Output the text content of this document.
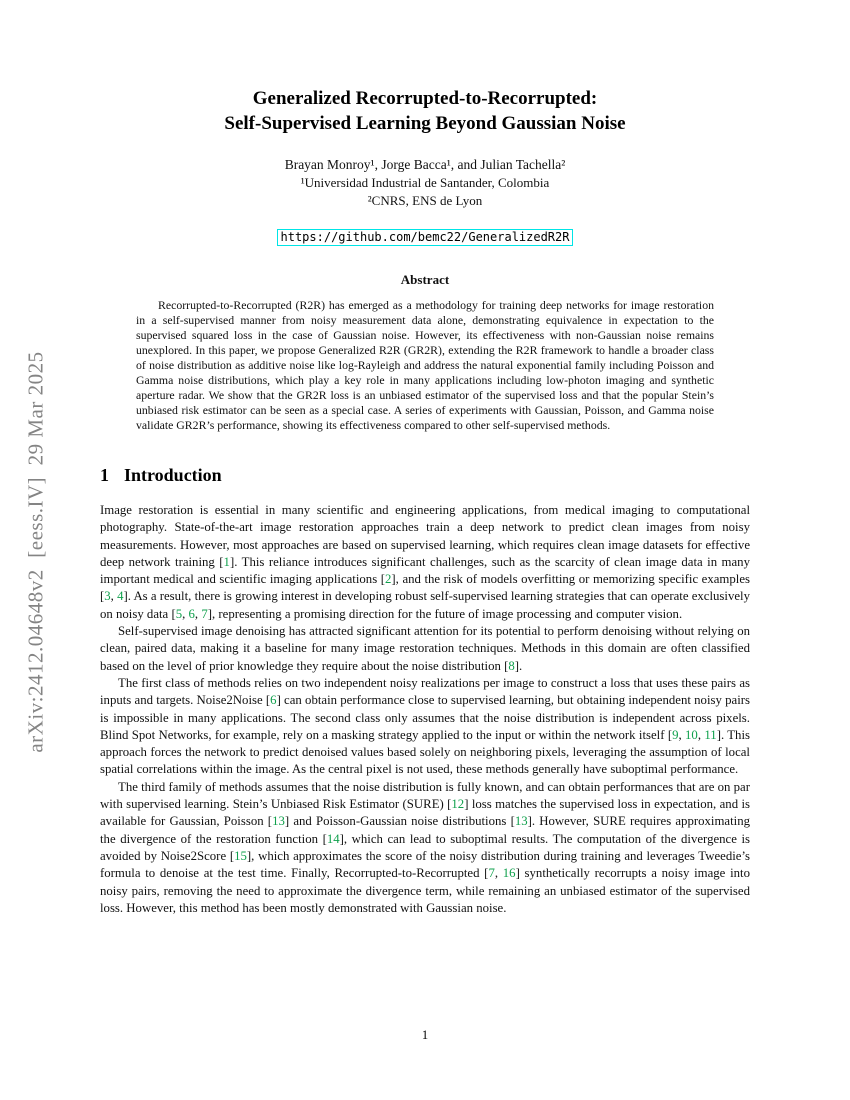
arXiv:2412.04648v2  [eess.IV]  29 Mar 2025
Generalized Recorrupted-to-Recorrupted:
Self-Supervised Learning Beyond Gaussian Noise
Brayan Monroy¹, Jorge Bacca¹, and Julian Tachella²
¹Universidad Industrial de Santander, Colombia
²CNRS, ENS de Lyon
https://github.com/bemc22/GeneralizedR2R
Abstract

Recorrupted-to-Recorrupted (R2R) has emerged as a methodology for training deep networks for image restoration in a self-supervised manner from noisy measurement data alone, demonstrating equivalence in expectation to the supervised squared loss in the case of Gaussian noise. However, its effectiveness with non-Gaussian noise remains unexplored. In this paper, we propose Generalized R2R (GR2R), extending the R2R framework to handle a broader class of noise distribution as additive noise like log-Rayleigh and address the natural exponential family including Poisson and Gamma noise distributions, which play a key role in many applications including low-photon imaging and synthetic aperture radar. We show that the GR2R loss is an unbiased estimator of the supervised loss and that the popular Stein’s unbiased risk estimator can be seen as a special case. A series of experiments with Gaussian, Poisson, and Gamma noise validate GR2R’s performance, showing its effectiveness compared to other self-supervised methods.

1 Introduction

Image restoration is essential in many scientific and engineering applications, from medical imaging to computational photography. State-of-the-art image restoration approaches train a deep network to predict clean images from noisy measurements. However, most approaches are based on supervised learning, which requires clean image datasets for effective deep network training [1]. This reliance introduces significant challenges, such as the scarcity of clean image data in many important medical and scientific imaging applications [2], and the risk of models overfitting or memorizing specific examples [3, 4]. As a result, there is growing interest in developing robust self-supervised learning strategies that can operate exclusively on noisy data [5, 6, 7], representing a promising direction for the future of image processing and computer vision.

Self-supervised image denoising has attracted significant attention for its potential to perform denoising without relying on clean, paired data, making it a baseline for many image restoration techniques. Methods in this domain are often classified based on the level of prior knowledge they require about the noise distribution [8].

The first class of methods relies on two independent noisy realizations per image to construct a loss that uses these pairs as inputs and targets. Noise2Noise [6] can obtain performance close to supervised learning, but obtaining independent noisy pairs is impossible in many applications. The second class only assumes that the noise distribution is independent across pixels. Blind Spot Networks, for example, rely on a masking strategy applied to the input or within the network itself [9, 10, 11]. This approach forces the network to predict denoised values based solely on neighboring pixels, leveraging the assumption of local spatial correlations within the image. As the central pixel is not used, these methods generally have suboptimal performance.

The third family of methods assumes that the noise distribution is fully known, and can obtain performances that are on par with supervised learning. Stein’s Unbiased Risk Estimator (SURE) [12] loss matches the supervised loss in expectation, and is available for Gaussian, Poisson [13] and Poisson-Gaussian noise distributions [13]. However, SURE requires approximating the divergence of the restoration function [14], which can lead to suboptimal results. The computation of the divergence is avoided by Noise2Score [15], which approximates the score of the noisy distribution during training and leverages Tweedie’s formula to denoise at the test time. Finally, Recorrupted-to-Recorrupted [7, 16] synthetically recorrupts a noisy image into noisy pairs, removing the need to approximate the divergence term, while remaining an unbiased estimator of the supervised loss. However, this method has been mostly demonstrated with Gaussian noise.

1
